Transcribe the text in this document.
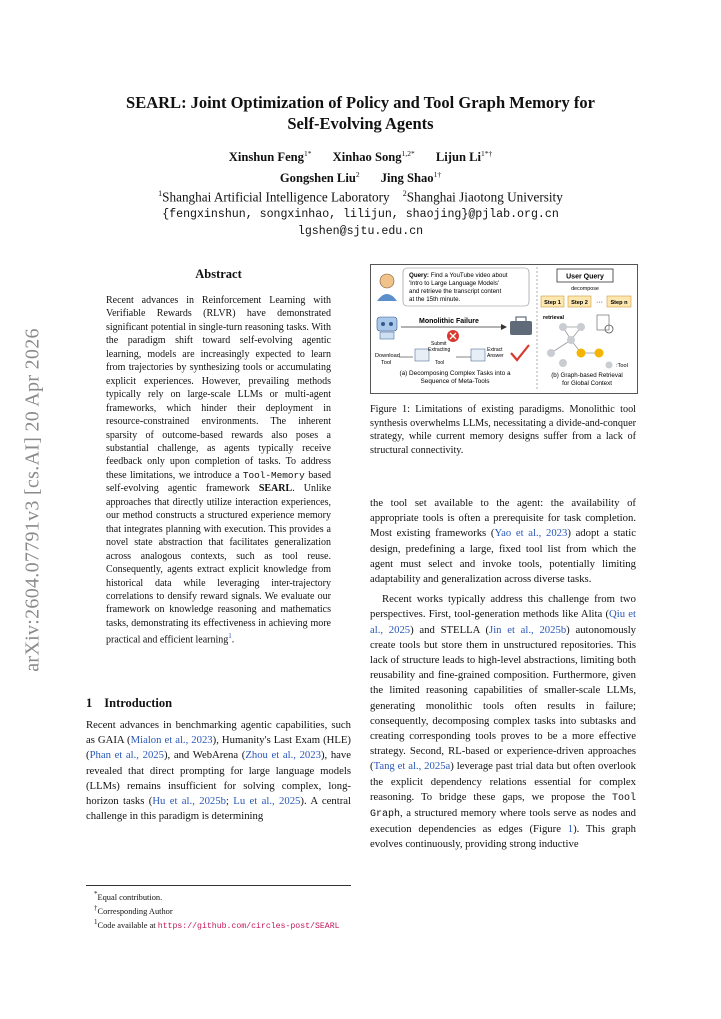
arXiv:2604.07791v3 [cs.AI] 20 Apr 2026
SEARL: Joint Optimization of Policy and Tool Graph Memory for
Self-Evolving Agents
Xinshun Feng$^{1*}$ Xinhao Song$^{1,2*}$ Lijun $Li^{1*\dagger}$
Gongshen Liu$^2$ Jing Shao$^{1\dagger}$
$^1$Shanghai Artificial Intelligence Laboratory $^2$Shanghai Jiaotong University
{fengxinshun, songxinhao, lilijun, shaojing}@pjlab.org.cn
lgshen@sjtu.edu.cn
Abstract
Recent advances in Reinforcement Learning with Verifiable Rewards (RLVR) have demonstrated significant potential in single-turn reasoning tasks. With the paradigm shift toward self-evolving agentic learning, models are increasingly expected to learn from trajectories by synthesizing tools or accumulating explicit experiences. However, prevailing methods typically rely on large-scale LLMs or multi-agent frameworks, which hinder their deployment in resource-constrained environments. The inherent sparsity of outcome-based rewards also poses a substantial challenge, as agents typically receive feedback only upon completion of tasks. To address these limitations, we introduce a Tool-Memory based self-evolving agentic framework SEARL. Unlike approaches that directly utilize interaction experiences, our method constructs a structured experience memory that integrates planning with execution. This provides a novel state abstraction that facilitates generalization across analogous contexts, such as tool reuse. Consequently, agents extract explicit knowledge from historical data while leveraging inter-trajectory correlations to densify reward signals. We evaluate our framework on knowledge reasoning and mathematics tasks, demonstrating its effectiveness in achieving more practical and efficient learning$^1$.
1 Introduction
Recent advances in benchmarking agentic capabilities, such as GAIA (Mialon et al., 2023), Humanity's Last Exam (HLE) (Phan et al., 2025), and WebArena (Zhou et al., 2023), have revealed that direct prompting for large language models (LLMs) remains insufficient for solving complex, long-horizon tasks (Hu et al., 2025b; Lu et al., 2025). A central challenge in this paradigm is determining
*Equal contribution.
†Corresponding Author
$^1$Code available at https://github.com/circles-post/SEARL
Query: Find a YouTube video about
'Intro to Large Language Models'
and retrieve the transcript content
at the 15th minute.
Monolithic Failure
Download
Tool
Submit
Extracting
Tool
Extract
Answer
(a) Decomposing Complex Tasks into a
Sequence of Meta-Tools
User Query
decompose
Step 1 Step 2 ··· Step n
retrieval
:Tool
(b) Graph-based Retrieval
for Global Context
Figure 1: Limitations of existing paradigms. Monolithic tool synthesis overwhelms LLMs, necessitating a divide-and-conquer strategy, while current memory designs suffer from a lack of structural connectivity.

the tool set available to the agent: the availability of appropriate tools is often a prerequisite for task completion. Most existing frameworks (Yao et al., 2023) adopt a static design, predefining a large, fixed tool list from which the agent must select and invoke tools, potentially limiting adaptability and generalization across diverse tasks.

Recent works typically address this challenge from two perspectives. First, tool-generation methods like Alita (Qiu et al., 2025) and STELLA (Jin et al., 2025b) autonomously create tools but store them in unstructured repositories. This lack of structure leads to high-level abstractions, limiting both reusability and fine-grained composition. Furthermore, given the limited reasoning capabilities of smaller-scale LLMs, generating monolithic tools often results in failure; consequently, decomposing complex tasks into subtasks and creating corresponding tools proves to be a more effective strategy. Second, RL-based or experience-driven approaches (Tang et al., 2025a) leverage past trial data but often overlook the explicit dependency relations essential for complex reasoning. To bridge these gaps, we propose the Tool Graph, a structured memory where tools serve as nodes and execution dependencies as edges (Figure 1). This graph evolves continuously, providing strong inductive
